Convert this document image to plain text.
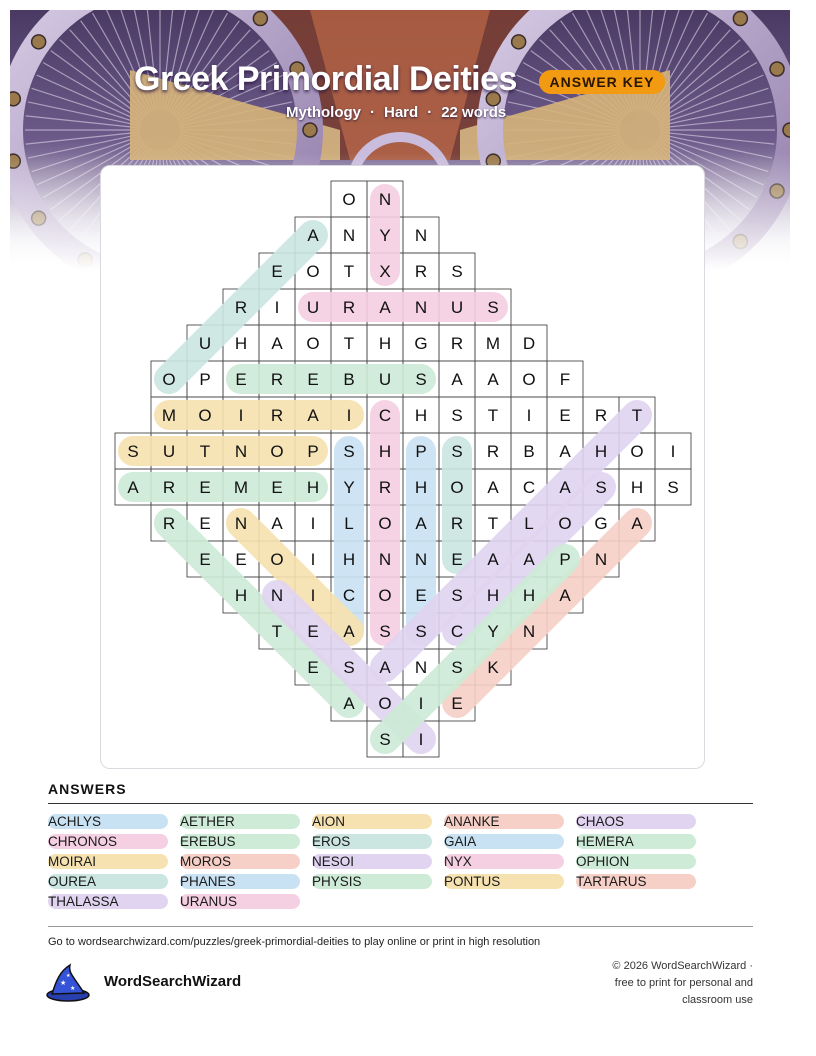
Greek Primordial Deities	ANSWER KEY
Mythology · Hard · 22 words
O N
A N Y N
E O T X R S
R I U R A N U S
U H A O T H G R M D
O P E R E B U S A A O F
M O I R A I C H S T I E R T
S U T N O P S H P S R B A H O I
A R E M E H Y R H O A C A S H S
R E N A I L O A R T L O G A
E E O I H N N E A A P N
H N I C O E S H H A
T E A S S C Y N
E S A N S K
A O I E
S I
ANSWERS
ACHLYS	AETHER	AION	ANANKE	CHAOS
CHRONOS	EREBUS	EROS	GAIA	HEMERA
MOIRAI	MOROS	NESOI	NYX	OPHION
OUREA	PHANES	PHYSIS	PONTUS	TARTARUS
THALASSA	URANUS
Go to wordsearchwizard.com/puzzles/greek-primordial-deities to play online or print in high resolution
★
★
★ WordSearchWizard
© 2026 WordSearchWizard ·
free to print for personal and
classroom use
